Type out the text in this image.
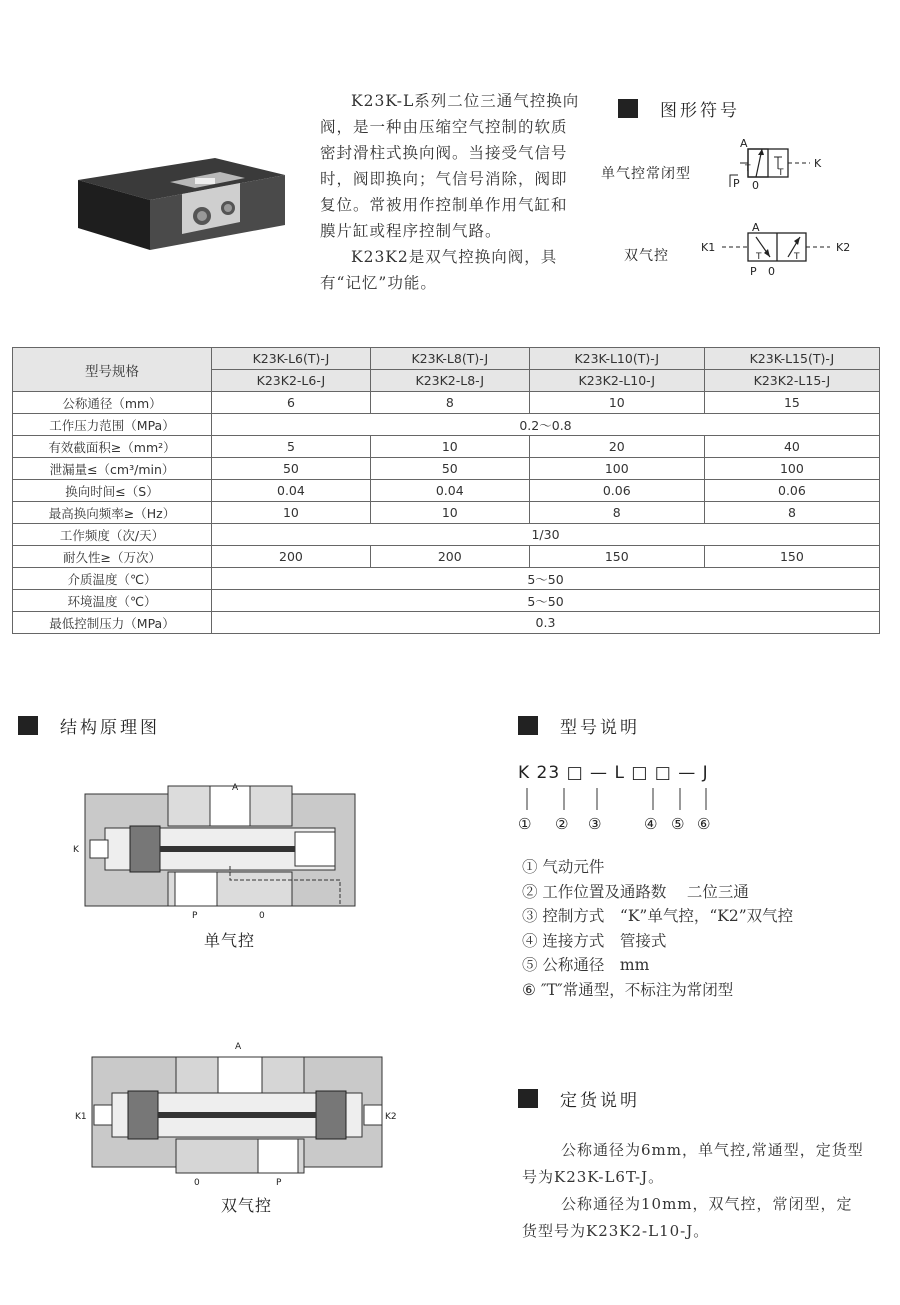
K23K-L系列二位三通气控换向阀，是一种由压缩空气控制的软质密封滑柱式换向阀。当接受气信号时，阀即换向；气信号消除，阀即复位。常被用作控制单作用气缸和膜片缸或程序控制气路。

K23K2是双气控换向阀，具有“记忆”功能。

图形符号
单气控常闭型
双气控
K
A
P 0
T	T
K1	K2
A
P 0
T	T
型号规格	K23K-L6(T)-J	K23K-L8(T)-J	K23K-L10(T)-J	K23K-L15(T)-J
	K23K2-L6-J	K23K2-L8-J	K23K2-L10-J	K23K2-L15-J
公称通径（mm）	6	8	10	15
工作压力范围（MPa）	0.2～0.8			
有效截面积≥（mm²）	5	10	20	40
泄漏量≤（cm³/min）	50	50	100	100
换向时间≤（S）	0.04	0.04	0.06	0.06
最高换向频率≥（Hz）	10	10	8	8
工作频度（次/天）	1/30			
耐久性≥（万次）	200	200	150	150
介质温度（℃）	5～50			
环境温度（℃）	5～50			
最低控制压力（MPa）	0.3			
结构原理图
A
K
P	0
单气控
A
K1	K2
0	P
双气控
型号说明
K 23 □ — L □ □ — J
① ② ③	④ ⑤ ⑥
① 气动元件
② 工作位置及通路数　 二位三通
③ 控制方式　“K”单气控，“K2”双气控
④ 连接方式　管接式
⑤ 公称通径　mm
⑥ ″T″常通型，不标注为常闭型
定货说明

公称通径为6mm，单气控,常通型，定货型号为K23K-L6T-J。

公称通径为10mm，双气控，常闭型，定货型号为K23K2-L10-J。
